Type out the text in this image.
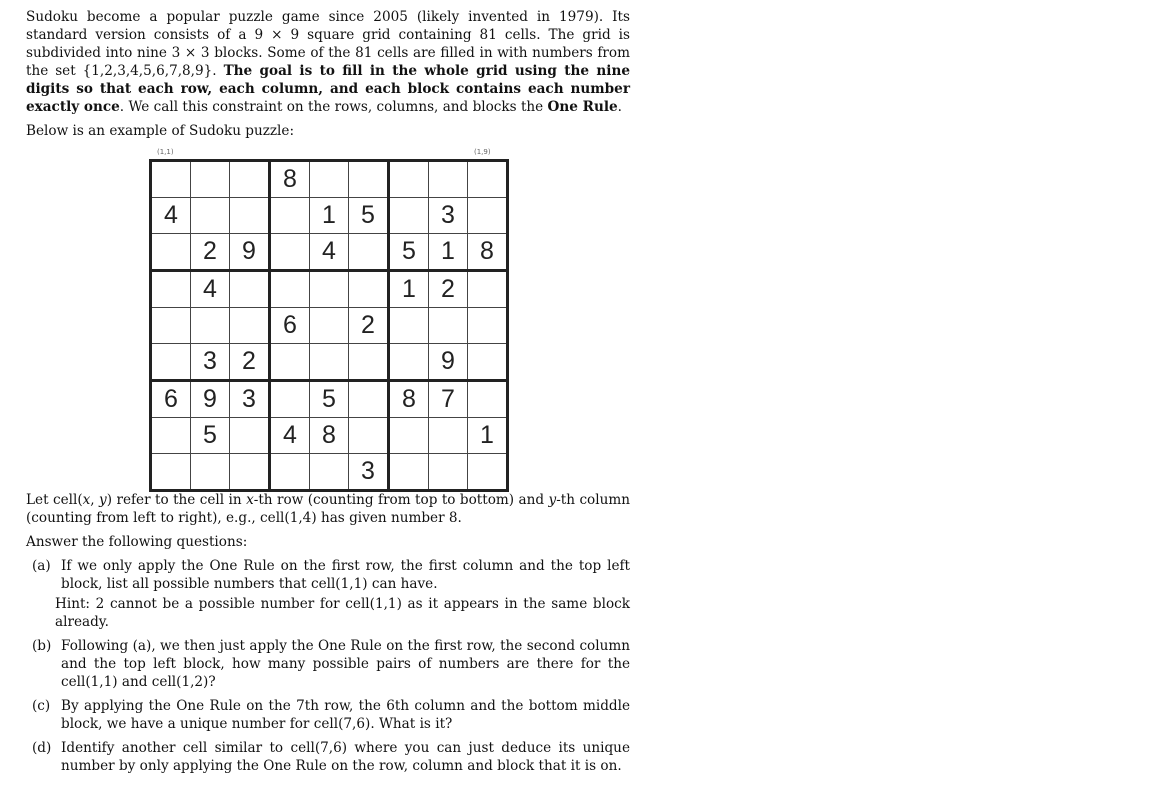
Sudoku become a popular puzzle game since 2005 (likely invented in 1979). Its standard version consists of a 9 × 9 square grid containing 81 cells. The grid is subdivided into nine 3 × 3 blocks. Some of the 81 cells are filled in with numbers from the set {1,2,3,4,5,6,7,8,9}. The goal is to fill in the whole grid using the nine digits so that each row, each column, and each block contains each number exactly once. We call this constraint on the rows, columns, and blocks the One Rule.

Below is an example of Sudoku puzzle:

(1,1)	(1,9)
			8					
4				1	5		3	
	2	9		4		5	1	8
	4					1	2	
			6		2			
	3	2					9	
6	9	3		5		8	7	
	5		4	8				1
					3			

Let cell(x, y) refer to the cell in x-th row (counting from top to bottom) and y-th column (counting from left to right), e.g., cell(1,4) has given number 8.

Answer the following questions:

(a) If we only apply the One Rule on the first row, the first column and the top left block, list all possible numbers that cell(1,1) can have.

Hint: 2 cannot be a possible number for cell(1,1) as it appears in the same block already.

(b) Following (a), we then just apply the One Rule on the first row, the second column and the top left block, how many possible pairs of numbers are there for the cell(1,1) and cell(1,2)?

(c) By applying the One Rule on the 7th row, the 6th column and the bottom middle block, we have a unique number for cell(7,6). What is it?

(d) Identify another cell similar to cell(7,6) where you can just deduce its unique number by only applying the One Rule on the row, column and block that it is on.
